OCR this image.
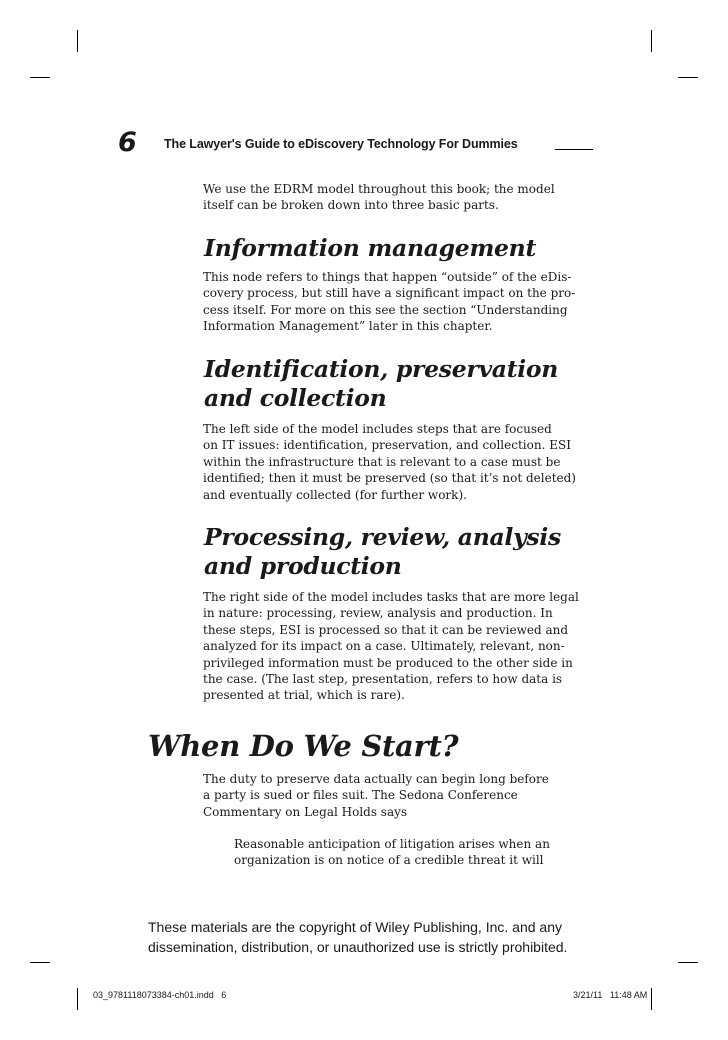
6 The Lawyer's Guide to eDiscovery Technology For Dummies
We use the EDRM model throughout this book; the model
itself can be broken down into three basic parts.
Information management
This node refers to things that happen “outside” of the eDis-
covery process, but still have a significant impact on the pro-
cess itself. For more on this see the section “Understanding
Information Management” later in this chapter.
Identification, preservation
and collection
The left side of the model includes steps that are focused
on IT issues: identification, preservation, and collection. ESI
within the infrastructure that is relevant to a case must be
identified; then it must be preserved (so that it’s not deleted)
and eventually collected (for further work).
Processing, review, analysis
and production
The right side of the model includes tasks that are more legal
in nature: processing, review, analysis and production. In
these steps, ESI is processed so that it can be reviewed and
analyzed for its impact on a case. Ultimately, relevant, non-
privileged information must be produced to the other side in
the case. (The last step, presentation, refers to how data is
presented at trial, which is rare).
When Do We Start?
The duty to preserve data actually can begin long before
a party is sued or files suit. The Sedona Conference
Commentary on Legal Holds says
Reasonable anticipation of litigation arises when an
organization is on notice of a credible threat it will
These materials are the copyright of Wiley Publishing, Inc. and any
dissemination, distribution, or unauthorized use is strictly prohibited.
03_9781118073384-ch01.indd   6	3/21/11   11:48 AM
